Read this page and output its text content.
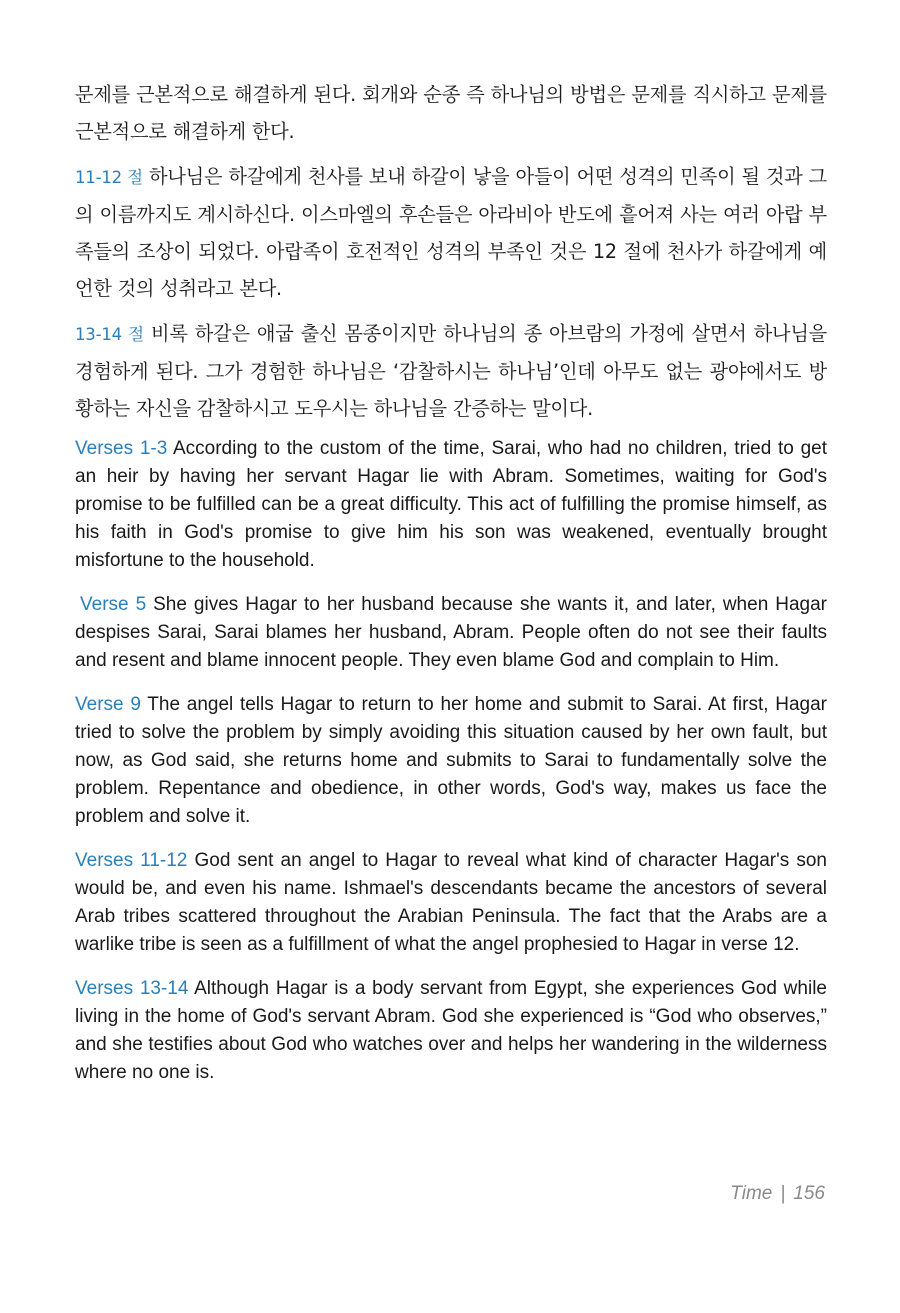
문제를 근본적으로 해결하게 된다. 회개와 순종 즉 하나님의 방법은 문제를 직시하고 문제를 근본적으로 해결하게 한다.

11-12 절 하나님은 하갈에게 천사를 보내 하갈이 낳을 아들이 어떤 성격의 민족이 될 것과 그의 이름까지도 계시하신다. 이스마엘의 후손들은 아라비아 반도에 흩어져 사는 여러 아랍 부족들의 조상이 되었다. 아랍족이 호전적인 성격의 부족인 것은 12 절에 천사가 하갈에게 예언한 것의 성취라고 본다.

13-14 절 비록 하갈은 애굽 출신 몸종이지만 하나님의 종 아브람의 가정에 살면서 하나님을 경험하게 된다. 그가 경험한 하나님은 ‘감찰하시는 하나님’인데 아무도 없는 광야에서도 방황하는 자신을 감찰하시고 도우시는 하나님을 간증하는 말이다.

Verses 1-3 According to the custom of the time, Sarai, who had no children, tried to get an heir by having her servant Hagar lie with Abram. Sometimes, waiting for God's promise to be fulfilled can be a great difficulty. This act of fulfilling the promise himself, as his faith in God's promise to give him his son was weakened, eventually brought misfortune to the household.

Verse 5 She gives Hagar to her husband because she wants it, and later, when Hagar despises Sarai, Sarai blames her husband, Abram. People often do not see their faults and resent and blame innocent people. They even blame God and complain to Him.

Verse 9 The angel tells Hagar to return to her home and submit to Sarai. At first, Hagar tried to solve the problem by simply avoiding this situation caused by her own fault, but now, as God said, she returns home and submits to Sarai to fundamentally solve the problem. Repentance and obedience, in other words, God's way, makes us face the problem and solve it.

Verses 11-12 God sent an angel to Hagar to reveal what kind of character Hagar's son would be, and even his name. Ishmael's descendants became the ancestors of several Arab tribes scattered throughout the Arabian Peninsula. The fact that the Arabs are a warlike tribe is seen as a fulfillment of what the angel prophesied to Hagar in verse 12.

Verses 13-14 Although Hagar is a body servant from Egypt, she experiences God while living in the home of God's servant Abram. God she experienced is “God who observes,” and she testifies about God who watches over and helps her wandering in the wilderness where no one is.

Time | 156
